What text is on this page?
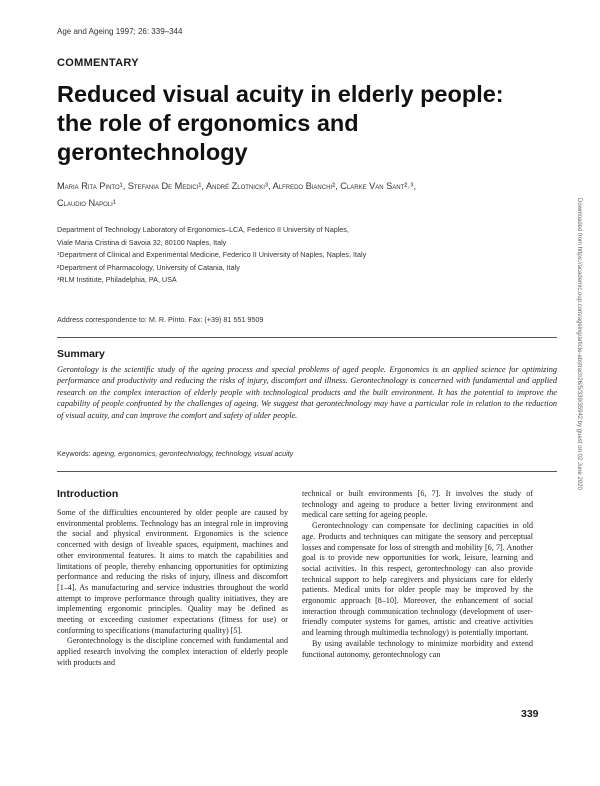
Age and Ageing 1997; 26: 339–344
COMMENTARY
Reduced visual acuity in elderly people:
the role of ergonomics and
gerontechnology
Maria Rita Pinto¹, Stefania De Medici¹, André Zlotnicki³, Alfredo Bianchi², Clarke Van Sant²˒³,
Claudio Napoli¹
Department of Technology Laboratory of Ergonomics–LCA, Federico II University of Naples,
Viale Maria Cristina di Savoia 32, 80100 Naples, Italy
¹Department of Clinical and Experimental Medicine, Federico II University of Naples, Naples, Italy
²Department of Pharmacology, University of Catania, Italy
³RLM Institute, Philadelphia, PA, USA
Address correspondence to: M. R. Pinto. Fax: (+39) 81 551 9509
Summary

Gerontology is the scientific study of the ageing process and special problems of aged people. Ergonomics is an applied science for optimizing performance and productivity and reducing the risks of injury, discomfort and illness. Gerontechnology is concerned with fundamental and applied research on the complex interaction of elderly people with technological products and the built environment. It has the potential to improve the capability of people confronted by the challenges of ageing. We suggest that gerontechnology may have a particular role in relation to the reduction of visual acuity, and can improve the comfort and safety of older people.

Keywords: ageing, ergonomics, gerontechnology, technology, visual acuity
Introduction

Some of the difficulties encountered by older people are caused by environmental problems. Technology has an integral role in improving the social and physical environment. Ergonomics is the science concerned with design of liveable spaces, equipment, machines and other environmental features. It aims to match the capabilities and limitations of people, thereby enhancing opportunities for optimizing performance and reducing the risks of injury, illness and discomfort [1–4]. As manufacturing and service industries throughout the world attempt to improve performance through quality initiatives, they are implementing ergonomic principles. Quality may be defined as meeting or exceeding customer expectations (fitness for use) or conforming to specifications (manufacturing quality) [5].

Gerontechnology is the discipline concerned with fundamental and applied research involving the complex interaction of elderly people with products and

technical or built environments [6, 7]. It involves the study of technology and ageing to produce a better living environment and medical care setting for ageing people.

Gerontechnology can compensate for declining capacities in old age. Products and techniques can mitigate the sensory and perceptual losses and compensate for loss of strength and mobility [6, 7]. Another goal is to provide new opportunities for work, leisure, learning and social activities. In this respect, gerontechnology can also provide technical support to help caregivers and physicians care for elderly patients. Medical units for older people may be improved by the ergonomic approach [8–10]. Moreover, the enhancement of social interaction through communication technology (development of user-friendly computer systems for games, artistic and creative activities and learning through multimedia technology) is potentially important.

By using available technology to minimize morbidity and extend functional autonomy, gerontechnology can

339
Downloaded from https://academic.oup.com/ageing/article-abstract/26/5/339/35942 by guest on 02 June 2020
